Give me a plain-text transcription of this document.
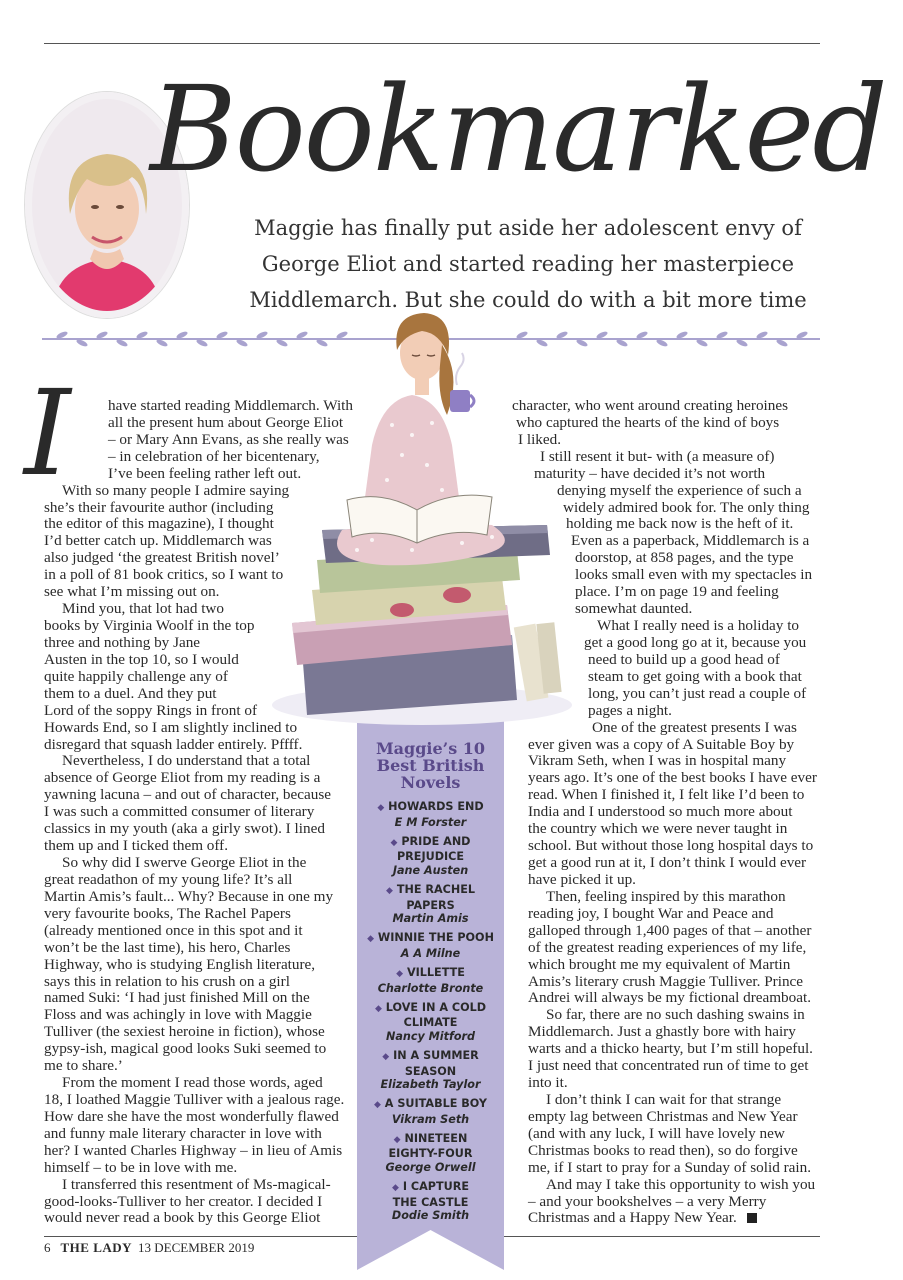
Bookmarked
Maggie has finally put aside her adolescent envy of
George Eliot and started reading her masterpiece
Middlemarch. But she could do with a bit more time
I have started reading Middlemarch. With
all the present hum about George Eliot
– or Mary Ann Evans, as she really was
– in celebration of her bicentenary,
I’ve been feeling rather left out.
With so many people I admire saying
she’s their favourite author (including
the editor of this magazine), I thought
I’d better catch up. Middlemarch was
also judged ‘the greatest British novel’
in a poll of 81 book critics, so I want to
see what I’m missing out on.
Mind you, that lot had two
books by Virginia Woolf in the top
three and nothing by Jane
Austen in the top 10, so I would
quite happily challenge any of
them to a duel. And they put
Lord of the soppy Rings in front of
Howards End, so I am slightly inclined to
disregard that squash ladder entirely. Pffff.
Nevertheless, I do understand that a total
absence of George Eliot from my reading is a
yawning lacuna – and out of character, because
I was such a committed consumer of literary
classics in my youth (aka a girly swot). I lined
them up and I ticked them off.
So why did I swerve George Eliot in the
great readathon of my young life? It’s all
Martin Amis’s fault... Why? Because in one my
very favourite books, The Rachel Papers
(already mentioned once in this spot and it
won’t be the last time), his hero, Charles
Highway, who is studying English literature,
says this in relation to his crush on a girl
named Suki: ‘I had just finished Mill on the
Floss and was achingly in love with Maggie
Tulliver (the sexiest heroine in fiction), whose
gypsy-ish, magical good looks Suki seemed to
me to share.’
From the moment I read those words, aged
18, I loathed Maggie Tulliver with a jealous rage.
How dare she have the most wonderfully flawed
and funny male literary character in love with
her? I wanted Charles Highway – in lieu of Amis
himself – to be in love with me.
I transferred this resentment of Ms-magical-
good-looks-Tulliver to her creator. I decided I
would never read a book by this George Eliot
character, who went around creating heroines
who captured the hearts of the kind of boys
I liked.
I still resent it but- with (a measure of)
maturity – have decided it’s not worth
denying myself the experience of such a
widely admired book for. The only thing
holding me back now is the heft of it.
Even as a paperback, Middlemarch is a
doorstop, at 858 pages, and the type
looks small even with my spectacles in
place. I’m on page 19 and feeling
somewhat daunted.
What I really need is a holiday to
get a good long go at it, because you
need to build up a good head of
steam to get going with a book that
long, you can’t just read a couple of
pages a night.
One of the greatest presents I was
ever given was a copy of A Suitable Boy by
Vikram Seth, when I was in hospital many
years ago. It’s one of the best books I have ever
read. When I finished it, I felt like I’d been to
India and I understood so much more about
the country which we were never taught in
school. But without those long hospital days to
get a good run at it, I don’t think I would ever
have picked it up.
Then, feeling inspired by this marathon
reading joy, I bought War and Peace and
galloped through 1,400 pages of that – another
of the greatest reading experiences of my life,
which brought me my equivalent of Martin
Amis’s literary crush Maggie Tulliver. Prince
Andrei will always be my fictional dreamboat.
So far, there are no such dashing swains in
Middlemarch. Just a ghastly bore with hairy
warts and a thicko hearty, but I’m still hopeful.
I just need that concentrated run of time to get
into it.
I don’t think I can wait for that strange
empty lag between Christmas and New Year
(and with any luck, I will have lovely new
Christmas books to read then), so do forgive
me, if I start to pray for a Sunday of solid rain.
And may I take this opportunity to wish you
– and your bookshelves – a very Merry
Christmas and a Happy New Year.
Maggie’s 10
Best British
Novels
◆ HOWARDS END
E M Forster
◆ PRIDE AND
PREJUDICE
Jane Austen
◆ THE RACHEL
PAPERS
Martin Amis
◆ WINNIE THE POOH
A A Milne
◆ VILLETTE
Charlotte Bronte
◆ LOVE IN A COLD
CLIMATE
Nancy Mitford
◆ IN A SUMMER
SEASON
Elizabeth Taylor
◆ A SUITABLE BOY
Vikram Seth
◆ NINETEEN
EIGHTY-FOUR
George Orwell
◆ I CAPTURE
THE CASTLE
Dodie Smith
6 THE LADY 13 DECEMBER 2019
